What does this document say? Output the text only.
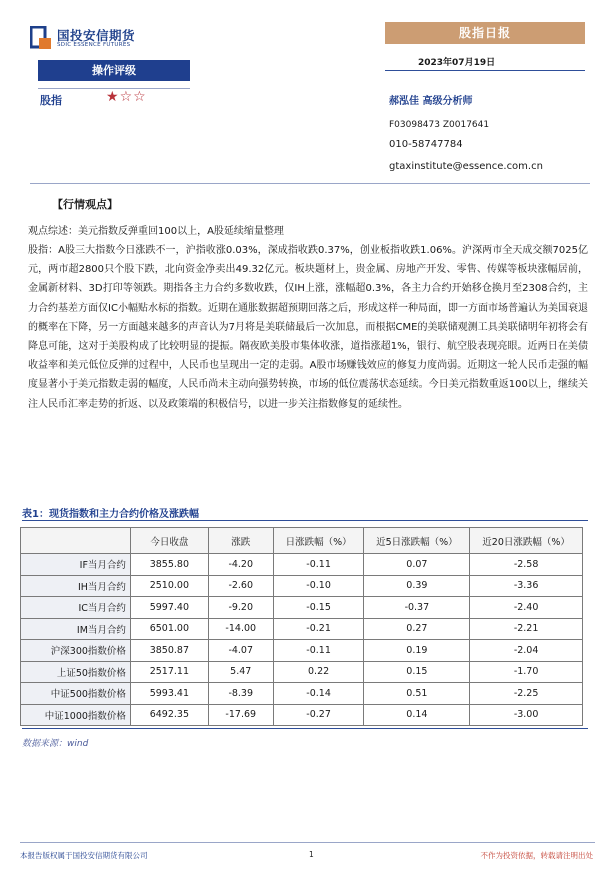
国投安信期货
SDIC ESSENCE FUTURES
股指日报
2023年07月19日
操作评级
股指	★☆☆	郝泓佳 高级分析师
F03098473 Z0017641
010-58747784
gtaxinstitute@essence.com.cn
【行情观点】
观点综述：美元指数反弹重回100以上，A股延续缩量整理
股指：A股三大指数今日涨跌不一，沪指收涨0.03%，深成指收跌0.37%，创业板指收跌1.06%。沪深两市全天成交额7025亿元，两市超2800只个股下跌，北向资金净卖出49.32亿元。板块题材上，贵金属、房地产开发、零售、传媒等板块涨幅居前，金属新材料、3D打印等领跌。期指各主力合约多数收跌，仅IH上涨，涨幅超0.3%，各主力合约开始移仓换月至2308合约，主力合约基差方面仅IC小幅贴水标的指数。近期在通胀数据超预期回落之后，形成这样一种局面，即一方面市场普遍认为美国衰退的概率在下降，另一方面越来越多的声音认为7月将是美联储最后一次加息，而根据CME的美联储观测工具美联储明年初将会有降息可能，这对于美股构成了比较明显的提振。隔夜欧美股市集体收涨，道指涨超1%，银行、航空股表现亮眼。近两日在美债收益率和美元低位反弹的过程中，人民币也呈现出一定的走弱。A股市场赚钱效应的修复力度尚弱。近期这一轮人民币走强的幅度显著小于美元指数走弱的幅度，人民币尚未主动向强势转换，市场的低位震荡状态延续。今日美元指数重返100以上，继续关注人民币汇率走势的折返、以及政策端的积极信号，以进一步关注指数修复的延续性。
表1：现货指数和主力合约价格及涨跌幅
	今日收盘	涨跌	日涨跌幅（%）	近5日涨跌幅（%）	近20日涨跌幅（%）
IF当月合约	3855.80	-4.20	-0.11	0.07	-2.58
IH当月合约	2510.00	-2.60	-0.10	0.39	-3.36
IC当月合约	5997.40	-9.20	-0.15	-0.37	-2.40
IM当月合约	6501.00	-14.00	-0.21	0.27	-2.21
沪深300指数价格	3850.87	-4.07	-0.11	0.19	-2.04
上证50指数价格	2517.11	5.47	0.22	0.15	-1.70
中证500指数价格	5993.41	-8.39	-0.14	0.51	-2.25
中证1000指数价格	6492.35	-17.69	-0.27	0.14	-3.00
数据来源：wind
本报告版权属于国投安信期货有限公司	1	不作为投资依据，转载请注明出处
